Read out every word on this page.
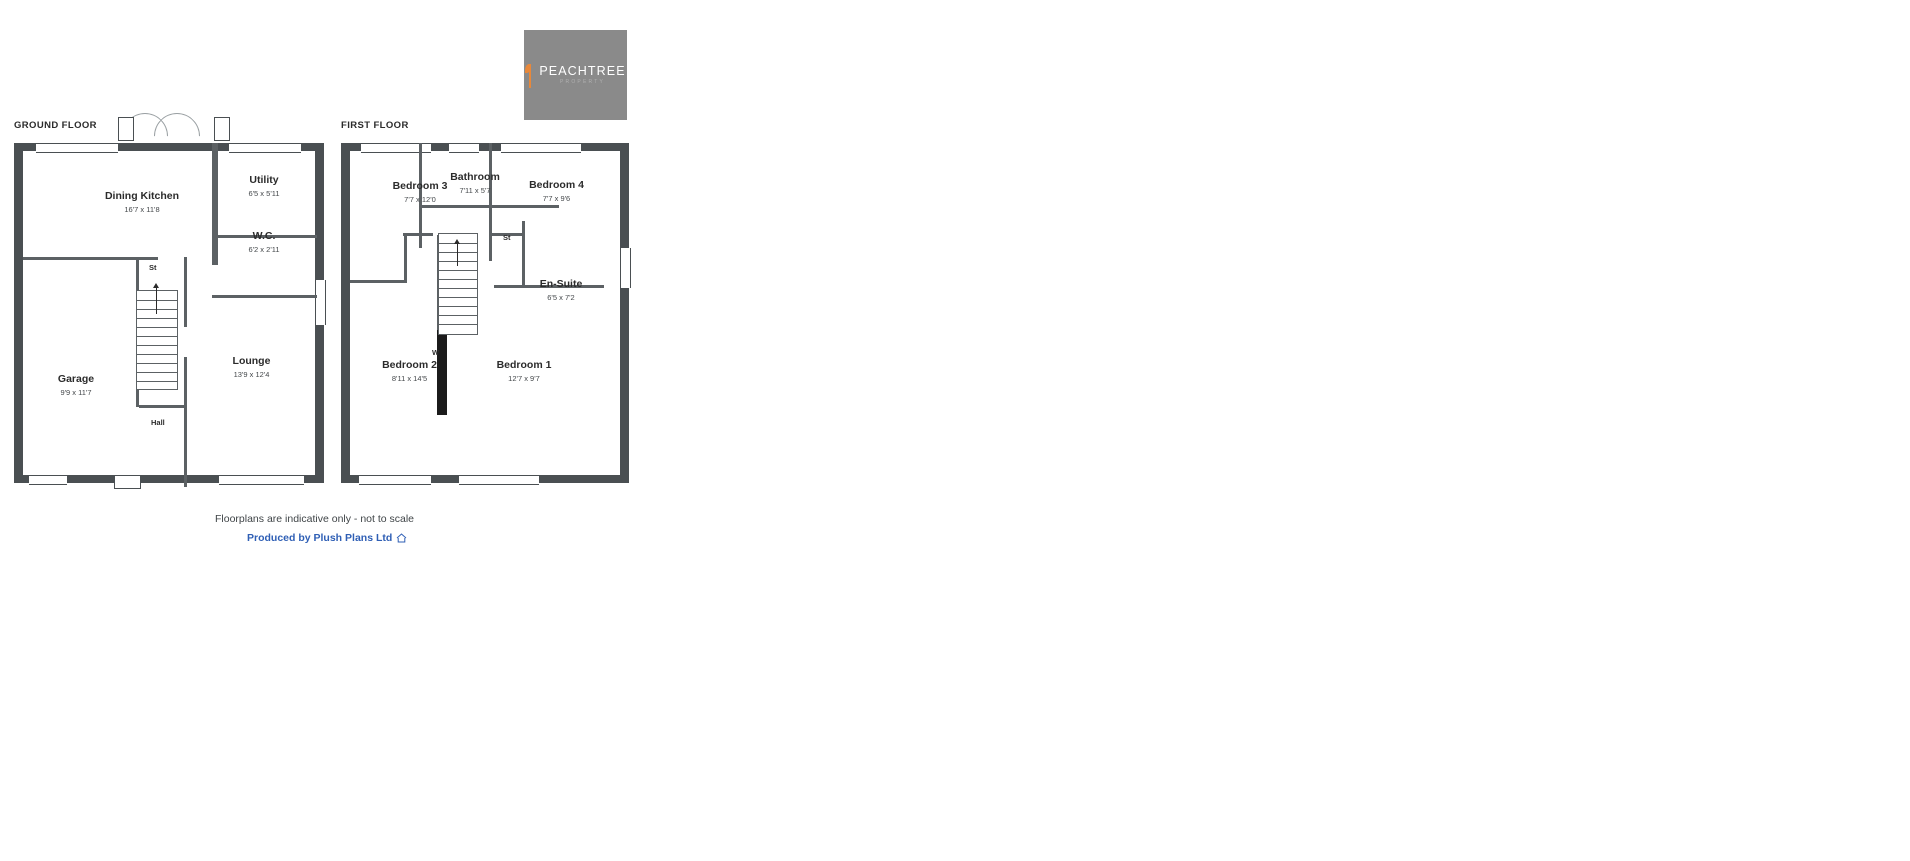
PEACHTREE
PROPERTY
GROUND FLOOR
Dining Kitchen
16'7 x 11'8
Utility
6'5 x 5'11
W.C.
6'2 x 2'11
Garage
9'9 x 11'7
Lounge
13'9 x 12'4
St
Hall
FIRST FLOOR
Bedroom 3
7'7 x 12'0
Bathroom
7'11 x 5'7	Bedroom 4
7'7 x 9'6
En-Suite
6'5 x 7'2
Bedroom 2
8'11 x 14'5
Bedroom 1
12'7 x 9'7
St
W
Floorplans are indicative only - not to scale
Produced by Plush Plans Ltd
